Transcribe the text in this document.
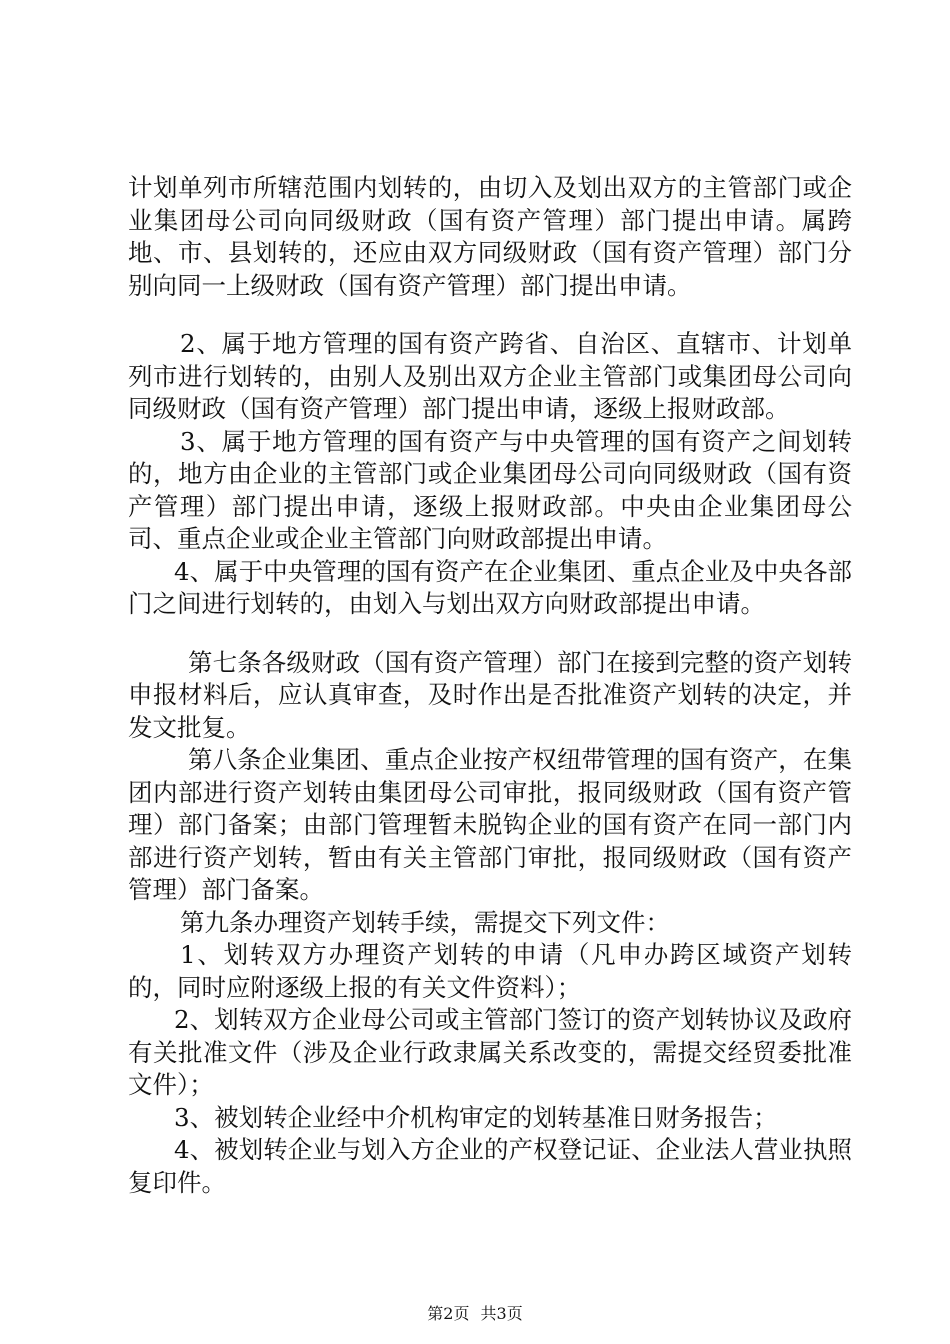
计划单列市所辖范围内划转的，由切入及划出双方的主管部门或企业集团母公司向同级财政（国有资产管理）部门提出申请。属跨地、市、县划转的，还应由双方同级财政（国有资产管理）部门分别向同一上级财政（国有资产管理）部门提出申请。

2、属于地方管理的国有资产跨省、自治区、直辖市、计划单列市进行划转的，由别人及别出双方企业主管部门或集团母公司向同级财政（国有资产管理）部门提出申请，逐级上报财政部。

3、属于地方管理的国有资产与中央管理的国有资产之间划转的，地方由企业的主管部门或企业集团母公司向同级财政（国有资产管理）部门提出申请，逐级上报财政部。中央由企业集团母公司、重点企业或企业主管部门向财政部提出申请。

4、属于中央管理的国有资产在企业集团、重点企业及中央各部门之间进行划转的，由划入与划出双方向财政部提出申请。

第七条各级财政（国有资产管理）部门在接到完整的资产划转申报材料后，应认真审查，及时作出是否批准资产划转的决定，并发文批复。

第八条企业集团、重点企业按产权纽带管理的国有资产，在集团内部进行资产划转由集团母公司审批，报同级财政（国有资产管理）部门备案；由部门管理暂未脱钩企业的国有资产在同一部门内部进行资产划转，暂由有关主管部门审批，报同级财政（国有资产管理）部门备案。

第九条办理资产划转手续，需提交下列文件：

1、划转双方办理资产划转的申请（凡申办跨区域资产划转的，同时应附逐级上报的有关文件资料）；

2、划转双方企业母公司或主管部门签订的资产划转协议及政府有关批准文件（涉及企业行政隶属关系改变的，需提交经贸委批准文件）；

3、被划转企业经中介机构审定的划转基准日财务报告；

4、被划转企业与划入方企业的产权登记证、企业法人营业执照复印件。

第2页 共3页
